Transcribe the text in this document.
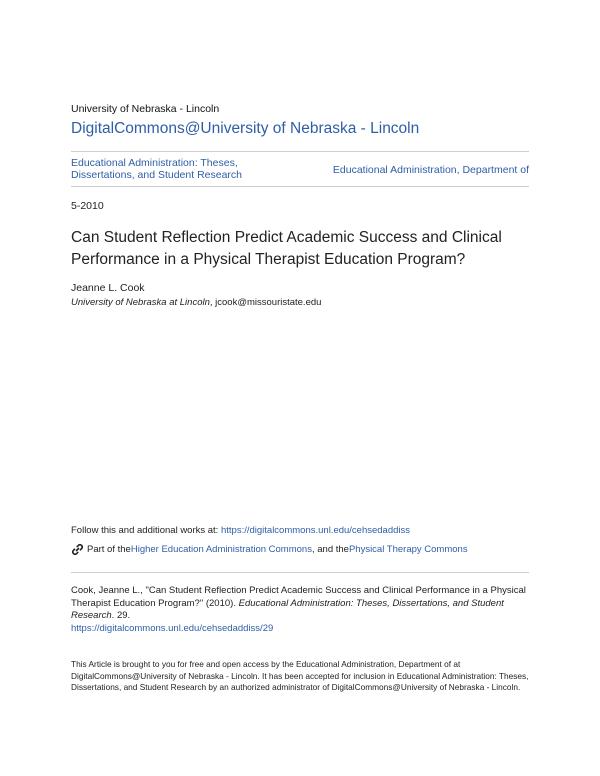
University of Nebraska - Lincoln
DigitalCommons@University of Nebraska - Lincoln
Educational Administration: Theses, Dissertations, and Student Research	Educational Administration, Department of
5-2010
Can Student Reflection Predict Academic Success and Clinical Performance in a Physical Therapist Education Program?
Jeanne L. Cook
University of Nebraska at Lincoln, jcook@missouristate.edu
Follow this and additional works at: https://digitalcommons.unl.edu/cehsedaddiss
Part of the Higher Education Administration Commons , and the Physical Therapy Commons
Cook, Jeanne L., "Can Student Reflection Predict Academic Success and Clinical Performance in a Physical Therapist Education Program?" (2010). Educational Administration: Theses, Dissertations, and Student Research. 29.
https://digitalcommons.unl.edu/cehsedaddiss/29
This Article is brought to you for free and open access by the Educational Administration, Department of at DigitalCommons@University of Nebraska - Lincoln. It has been accepted for inclusion in Educational Administration: Theses, Dissertations, and Student Research by an authorized administrator of DigitalCommons@University of Nebraska - Lincoln.
